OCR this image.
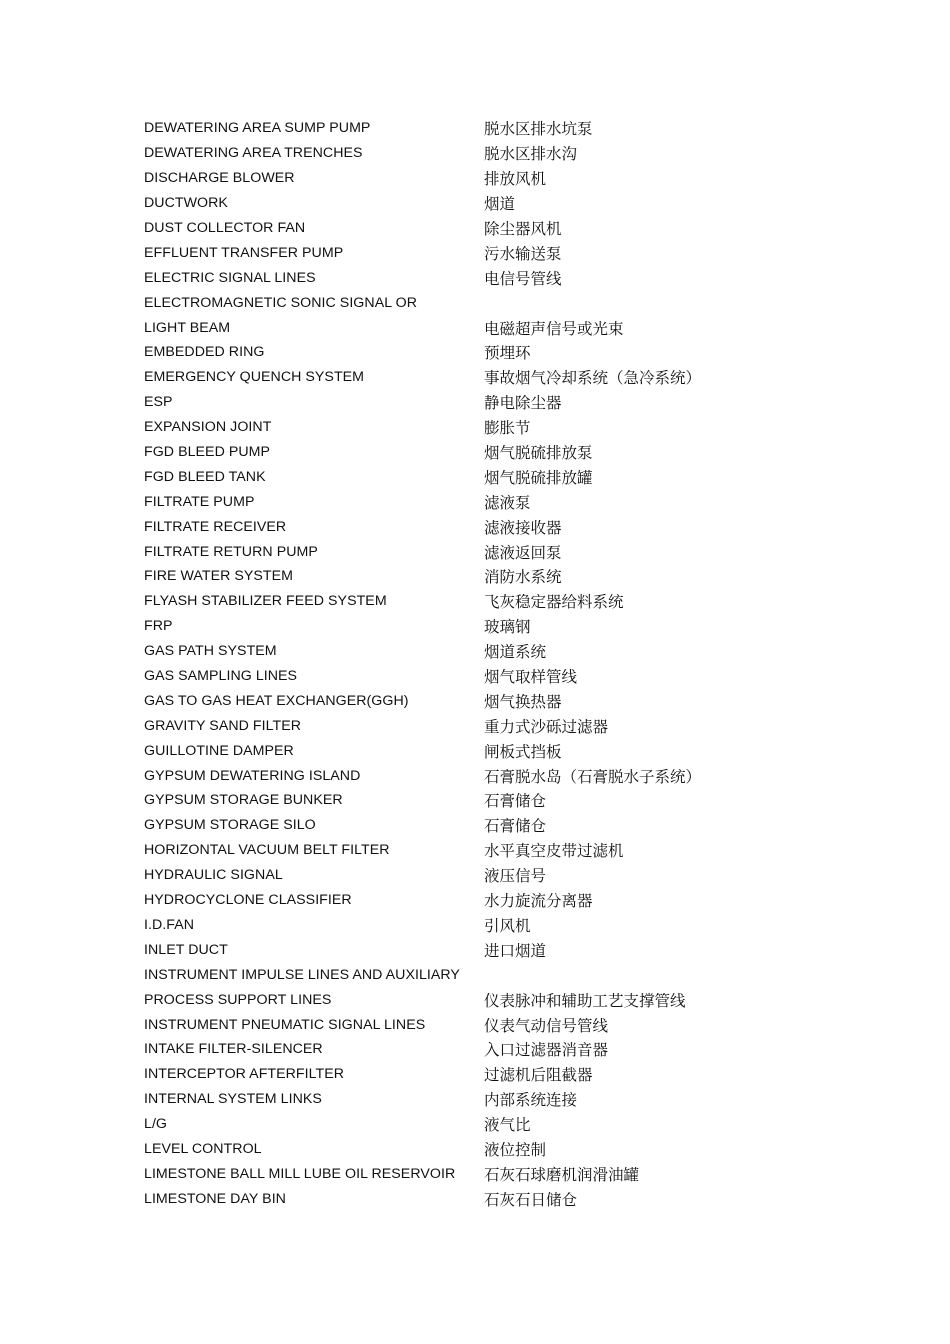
DEWATERING AREA SUMP PUMP	脱水区排水坑泵
DEWATERING AREA TRENCHES	脱水区排水沟
DISCHARGE BLOWER	排放风机
DUCTWORK	烟道
DUST COLLECTOR FAN	除尘器风机
EFFLUENT TRANSFER PUMP	污水输送泵
ELECTRIC SIGNAL LINES	电信号管线
ELECTROMAGNETIC SONIC SIGNAL OR
LIGHT BEAM	电磁超声信号或光束
EMBEDDED RING	预埋环
EMERGENCY QUENCH SYSTEM	事故烟气冷却系统（急冷系统）
ESP	静电除尘器
EXPANSION JOINT	膨胀节
FGD BLEED PUMP	烟气脱硫排放泵
FGD BLEED TANK	烟气脱硫排放罐
FILTRATE PUMP	滤液泵
FILTRATE RECEIVER	滤液接收器
FILTRATE RETURN PUMP	滤液返回泵
FIRE WATER SYSTEM	消防水系统
FLYASH STABILIZER FEED SYSTEM	飞灰稳定器给料系统
FRP	玻璃钢
GAS PATH SYSTEM	烟道系统
GAS SAMPLING LINES	烟气取样管线
GAS TO GAS HEAT EXCHANGER(GGH)	烟气换热器
GRAVITY SAND FILTER	重力式沙砾过滤器
GUILLOTINE DAMPER	闸板式挡板
GYPSUM DEWATERING ISLAND	石膏脱水岛（石膏脱水子系统）
GYPSUM STORAGE BUNKER	石膏储仓
GYPSUM STORAGE SILO	石膏储仓
HORIZONTAL VACUUM BELT FILTER	水平真空皮带过滤机
HYDRAULIC SIGNAL	液压信号
HYDROCYCLONE CLASSIFIER	水力旋流分离器
I.D.FAN	引风机
INLET DUCT	进口烟道
INSTRUMENT IMPULSE LINES AND AUXILIARY
PROCESS SUPPORT LINES	仪表脉冲和辅助工艺支撑管线
INSTRUMENT PNEUMATIC SIGNAL LINES	仪表气动信号管线
INTAKE FILTER-SILENCER	入口过滤器消音器
INTERCEPTOR AFTERFILTER	过滤机后阻截器
INTERNAL SYSTEM LINKS	内部系统连接
L/G	液气比
LEVEL CONTROL	液位控制
LIMESTONE BALL MILL LUBE OIL RESERVOIR	石灰石球磨机润滑油罐
LIMESTONE DAY BIN	石灰石日储仓
